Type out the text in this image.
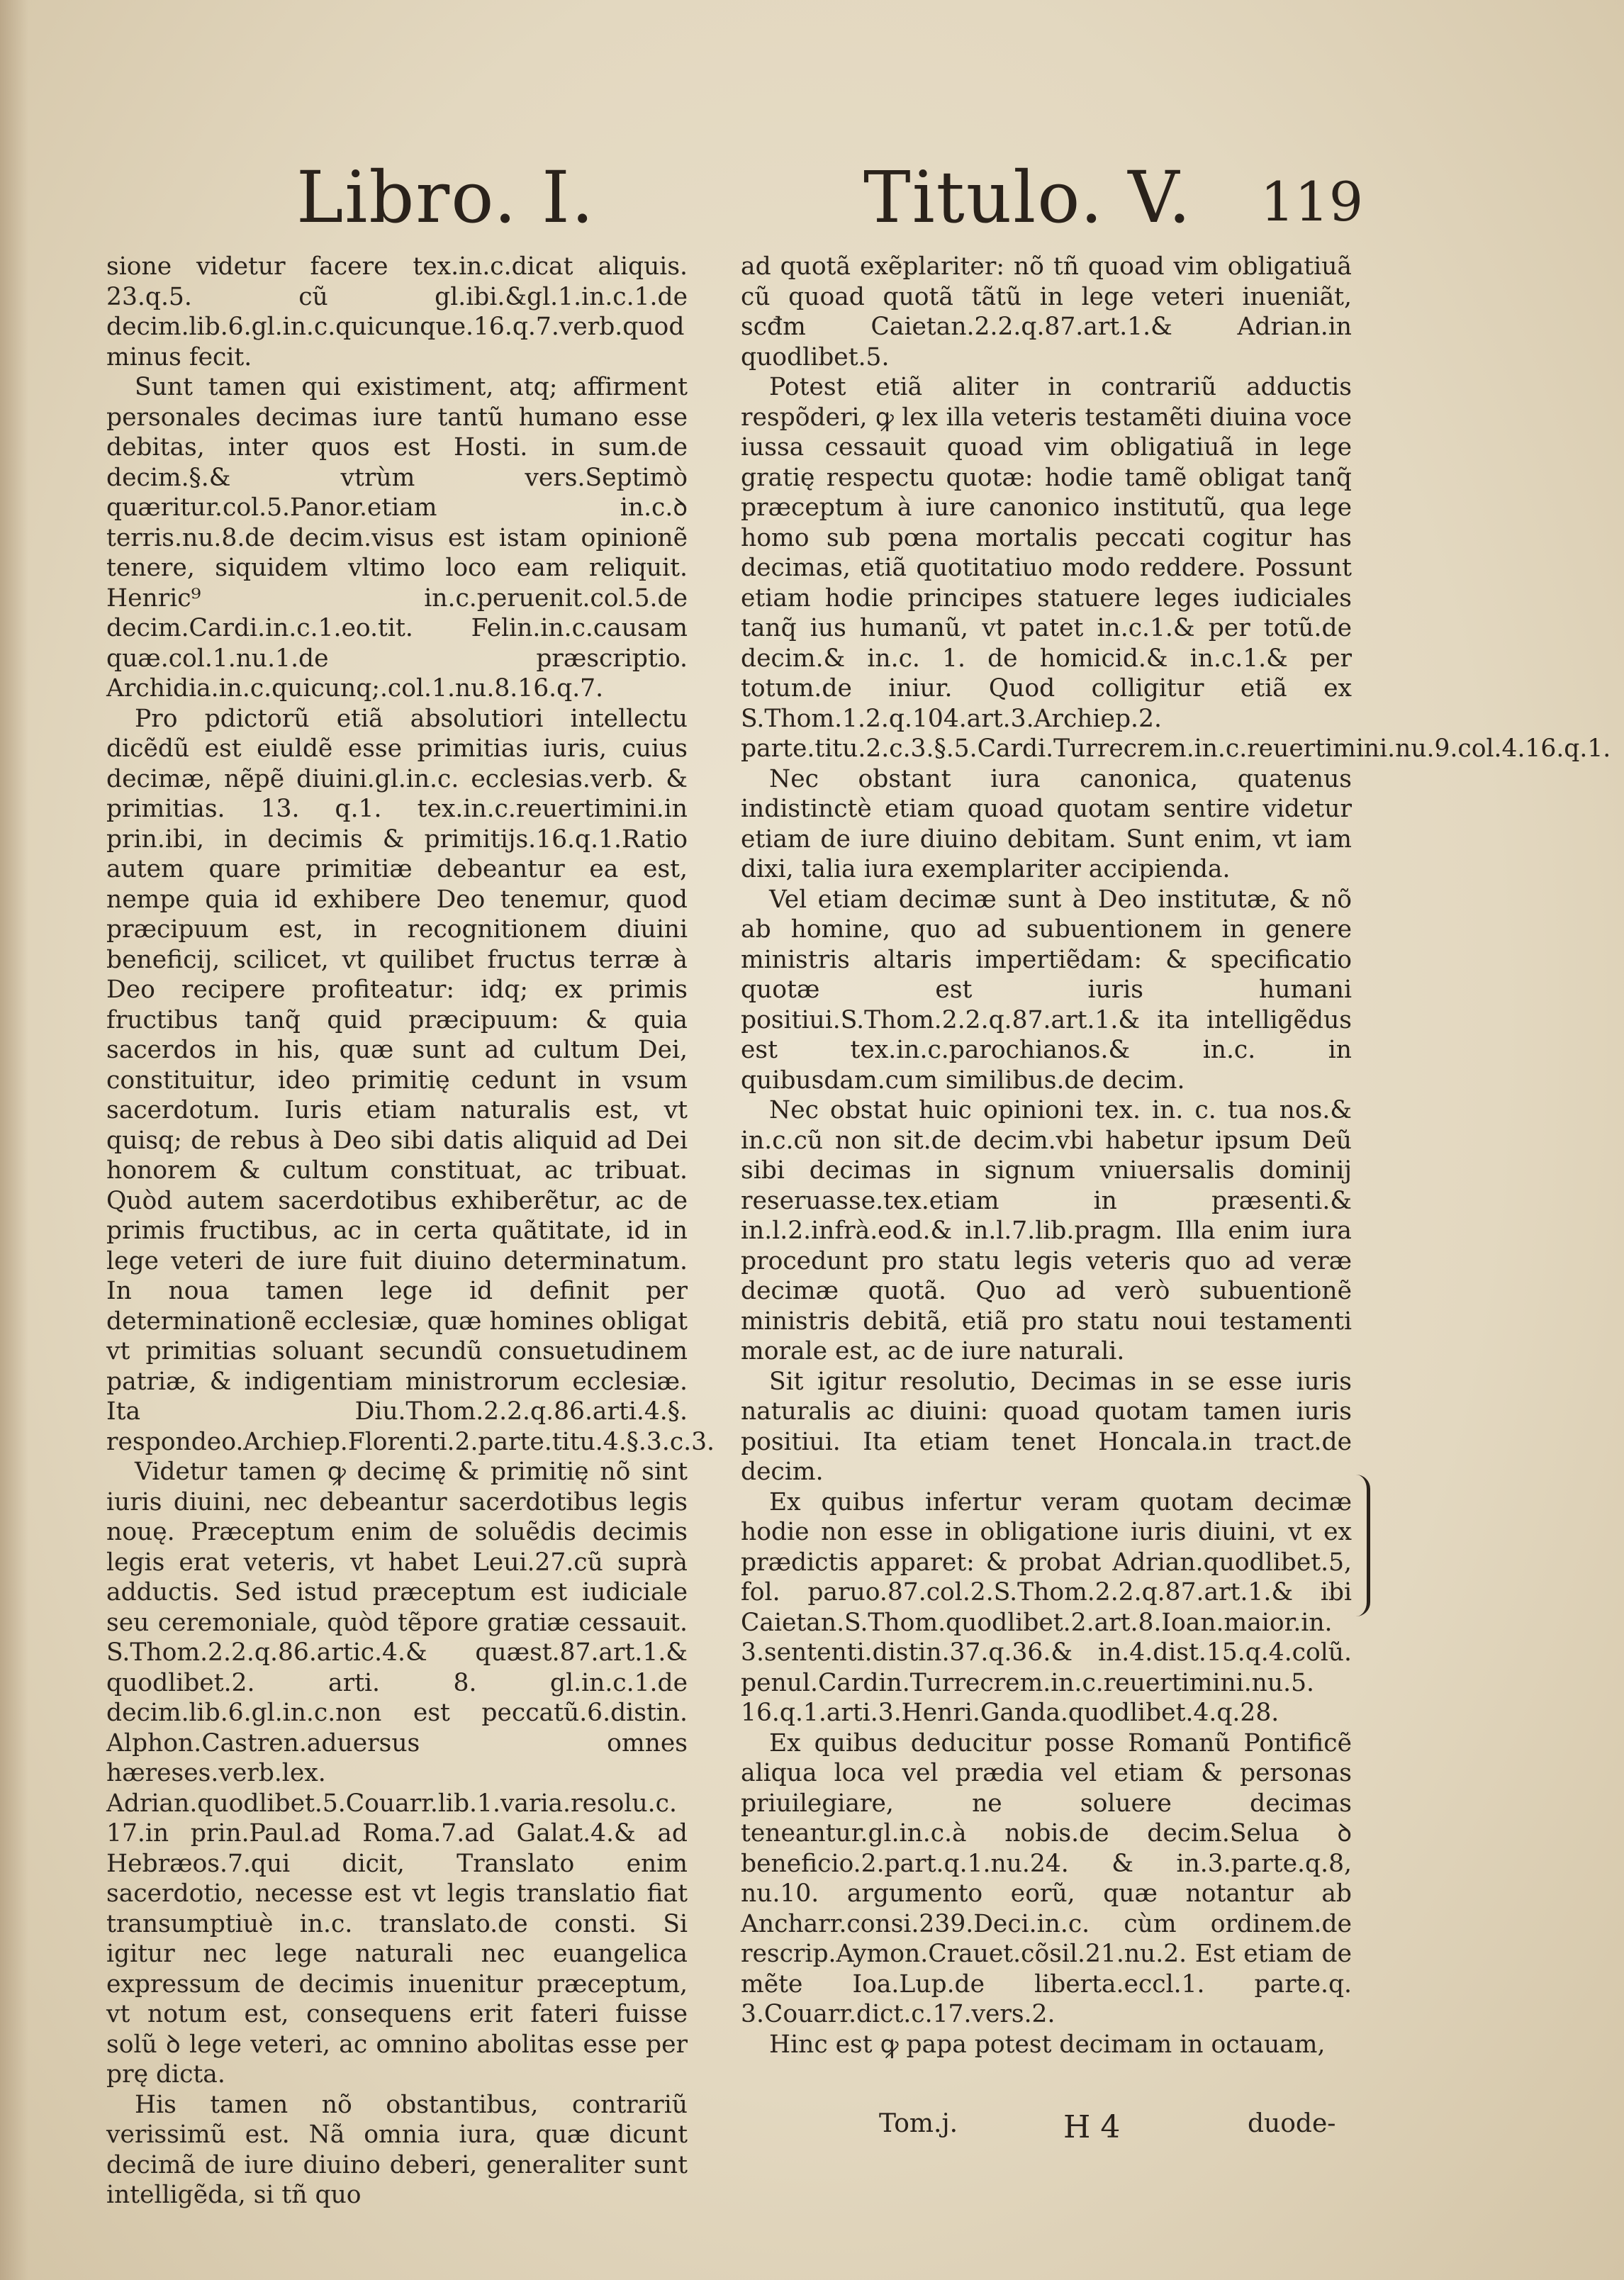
Libro. I.	Titulo. V. 119

sione videtur facere tex.in.c.dicat aliquis. 23.q.5. cũ gl.ibi.&gl.1.in.c.1.de decim.lib.6.gl.in.c.quicunque.16.q.7.verb.quod minus fecit.

Sunt tamen qui existiment, atq; affirment personales decimas iure tantũ humano esse debitas, inter quos est Hosti. in sum.de decim.§.& vtrùm vers.Septimò quæritur.col.5.Panor.etiam in.c.ꝺ terris.nu.8.de decim.visus est istam opinionẽ tenere, siquidem vltimo loco eam reliquit. Henric⁹ in.c.peruenit.col.5.de decim.Cardi.in.c.1.eo.tit. Felin.in.c.causam quæ.col.1.nu.1.de præscriptio. Archidia.in.c.quicunq;.col.1.nu.8.16.q.7.

Pro pdictorũ etiã absolutiori intellectu dicẽdũ est eiuldẽ esse primitias iuris, cuius decimæ, nẽpẽ diuini.gl.in.c. ecclesias.verb. & primitias. 13. q.1. tex.in.c.reuertimini.in prin.ibi, in decimis & primitijs.16.q.1.Ratio autem quare primitiæ debeantur ea est, nempe quia id exhibere Deo tenemur, quod præcipuum est, in recognitionem diuini beneficij, scilicet, vt quilibet fructus terræ à Deo recipere profiteatur: idq; ex primis fructibus tanq̃ quid præcipuum: & quia sacerdos in his, quæ sunt ad cultum Dei, constituitur, ideo primitię cedunt in vsum sacerdotum. Iuris etiam naturalis est, vt quisq; de rebus à Deo sibi datis aliquid ad Dei honorem & cultum constituat, ac tribuat. Quòd autem sacerdotibus exhiberẽtur, ac de primis fructibus, ac in certa quãtitate, id in lege veteri de iure fuit diuino determinatum. In noua tamen lege id definit per determinationẽ ecclesiæ, quæ homines obligat vt primitias soluant secundũ consuetudinem patriæ, & indigentiam ministrorum ecclesiæ. Ita Diu.Thom.2.2.q.86.arti.4.§. respondeo.Archiep.Florenti.2.parte.titu.4.§.3.c.3.

Videtur tamen ꝙ decimę & primitię nõ sint iuris diuini, nec debeantur sacerdotibus legis nouę. Præceptum enim de soluẽdis decimis legis erat veteris, vt habet Leui.27.cũ suprà adductis. Sed istud præceptum est iudiciale seu ceremoniale, quòd tẽpore gratiæ cessauit. S.Thom.2.2.q.86.artic.4.& quæst.87.art.1.& quodlibet.2. arti. 8. gl.in.c.1.de decim.lib.6.gl.in.c.non est peccatũ.6.distin. Alphon.Castren.aduersus omnes hæreses.verb.lex. Adrian.quodlibet.5.Couarr.lib.1.varia.resolu.c. 17.in prin.Paul.ad Roma.7.ad Galat.4.& ad Hebræos.7.qui dicit, Translato enim sacerdotio, necesse est vt legis translatio fiat transumptiuè in.c. translato.de consti. Si igitur nec lege naturali nec euangelica expressum de decimis inuenitur præceptum, vt notum est, consequens erit fateri fuisse solũ ꝺ lege veteri, ac omnino abolitas esse per prę dicta.

His tamen nõ obstantibus, contrariũ verissimũ est. Nã omnia iura, quæ dicunt decimã de iure diuino deberi, generaliter sunt intelligẽda, si tñ quo

ad quotã exẽplariter: nõ tñ quoad vim obligatiuã cũ quoad quotã tãtũ in lege veteri inueniãt, scđm Caietan.2.2.q.87.art.1.& Adrian.in quodlibet.5.

Potest etiã aliter in contrariũ adductis respõderi, ꝙ lex illa veteris testamẽti diuina voce iussa cessauit quoad vim obligatiuã in lege gratię respectu quotæ: hodie tamẽ obligat tanq̃ præceptum à iure canonico institutũ, qua lege homo sub pœna mortalis peccati cogitur has decimas, etiã quotitatiuo modo reddere. Possunt etiam hodie principes statuere leges iudiciales tanq̃ ius humanũ, vt patet in.c.1.& per totũ.de decim.& in.c. 1. de homicid.& in.c.1.& per totum.de iniur. Quod colligitur etiã ex S.Thom.1.2.q.104.art.3.Archiep.2. parte.titu.2.c.3.§.5.Cardi.Turrecrem.in.c.reuertimini.nu.9.col.4.16.q.1.

Nec obstant iura canonica, quatenus indistinctè etiam quoad quotam sentire videtur etiam de iure diuino debitam. Sunt enim, vt iam dixi, talia iura exemplariter accipienda.

Vel etiam decimæ sunt à Deo institutæ, & nõ ab homine, quo ad subuentionem in genere ministris altaris impertiẽdam: & specificatio quotæ est iuris humani positiui.S.Thom.2.2.q.87.art.1.& ita intelligẽdus est tex.in.c.parochianos.& in.c. in quibusdam.cum similibus.de decim.

Nec obstat huic opinioni tex. in. c. tua nos.& in.c.cũ non sit.de decim.vbi habetur ipsum Deũ sibi decimas in signum vniuersalis dominij reseruasse.tex.etiam in præsenti.& in.l.2.infrà.eod.& in.l.7.lib.pragm. Illa enim iura procedunt pro statu legis veteris quo ad veræ decimæ quotã. Quo ad verò subuentionẽ ministris debitã, etiã pro statu noui testamenti morale est, ac de iure naturali.

Sit igitur resolutio, Decimas in se esse iuris naturalis ac diuini: quoad quotam tamen iuris positiui. Ita etiam tenet Honcala.in tract.de decim.

Ex quibus infertur veram quotam decimæ hodie non esse in obligatione iuris diuini, vt ex prædictis apparet: & probat Adrian.quodlibet.5, fol. paruo.87.col.2.S.Thom.2.2.q.87.art.1.& ibi Caietan.S.Thom.quodlibet.2.art.8.Ioan.maior.in. 3.sententi.distin.37.q.36.& in.4.dist.15.q.4.colũ. penul.Cardin.Turrecrem.in.c.reuertimini.nu.5. 16.q.1.arti.3.Henri.Ganda.quodlibet.4.q.28.

Ex quibus deducitur posse Romanũ Pontificẽ aliqua loca vel prædia vel etiam & personas priuilegiare, ne soluere decimas teneantur.gl.in.c.à nobis.de decim.Selua ꝺ beneficio.2.part.q.1.nu.24. & in.3.parte.q.8, nu.10. argumento eorũ, quæ notantur ab Ancharr.consi.239.Deci.in.c. cùm ordinem.de rescrip.Aymon.Crauet.cõsil.21.nu.2. Est etiam de mẽte Ioa.Lup.de liberta.eccl.1. parte.q. 3.Couarr.dict.c.17.vers.2.

Hinc est ꝙ papa potest decimam in octauam,

Tom.j.	H 4	duode-
